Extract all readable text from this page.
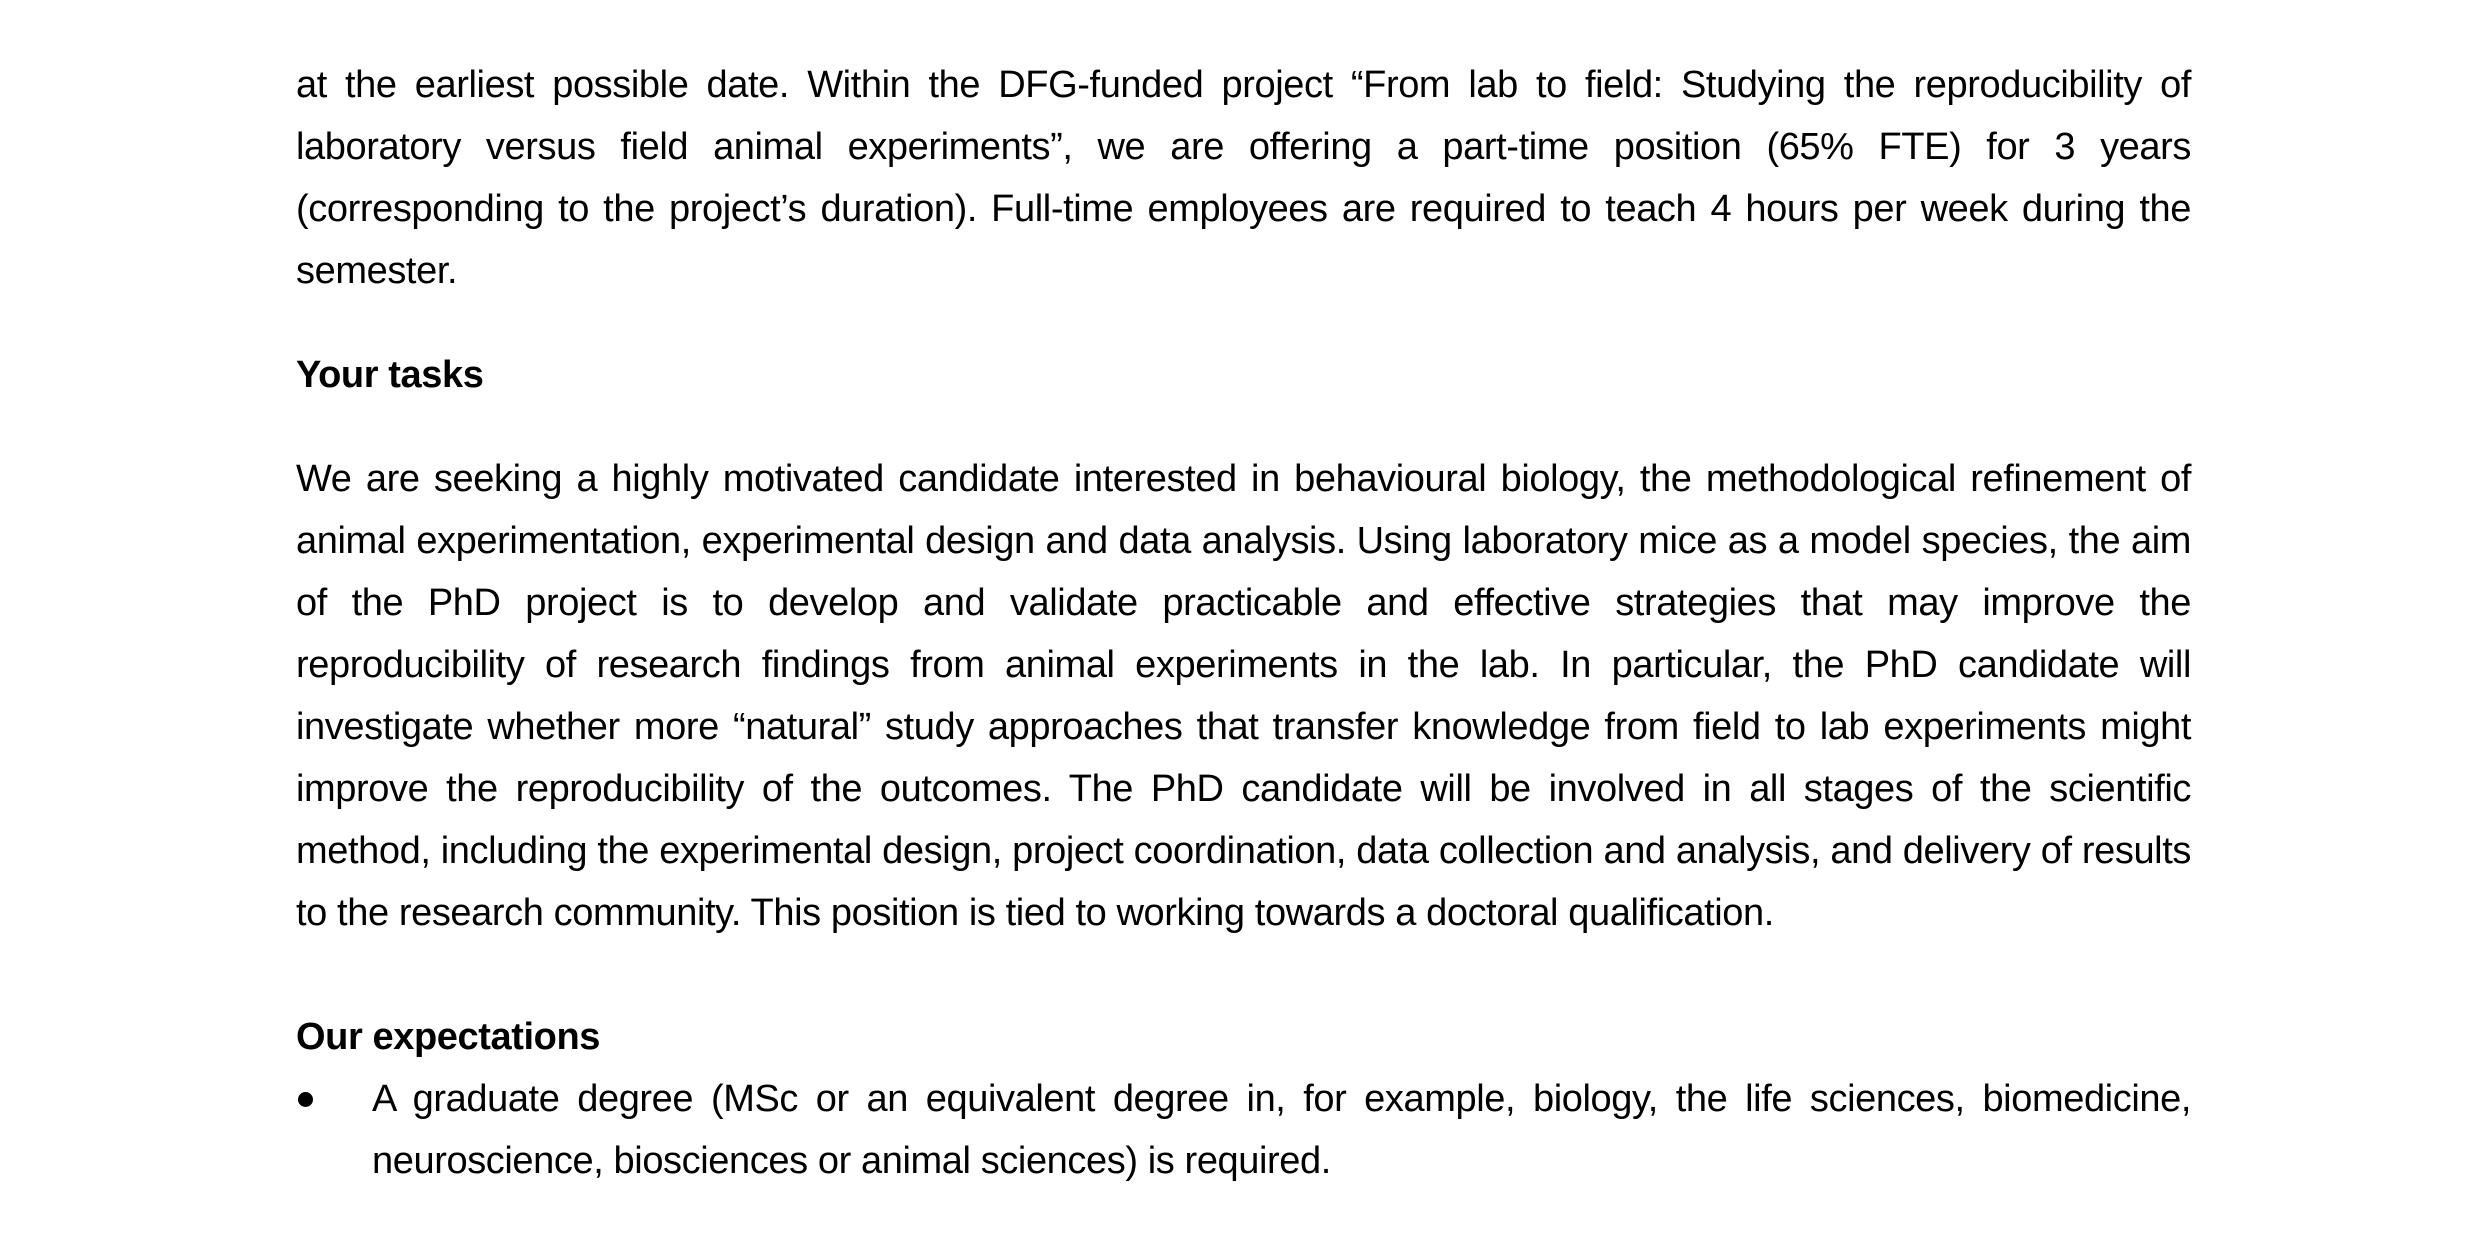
at the earliest possible date. Within the DFG-funded project “From lab to field: Studying the reproducibility of laboratory versus field animal experiments”, we are offering a part-time position (65% FTE) for 3 years (corresponding to the project’s duration). Full-time employees are required to teach 4 hours per week during the semester.

Your tasks

We are seeking a highly motivated candidate interested in behavioural biology, the methodological refinement of animal experimentation, experimental design and data analysis. Using laboratory mice as a model species, the aim of the PhD project is to develop and validate practicable and effective strategies that may improve the reproducibility of research findings from animal experiments in the lab. In particular, the PhD candidate will investigate whether more “natural” study approaches that transfer knowledge from field to lab experiments might improve the reproducibility of the outcomes. The PhD candidate will be involved in all stages of the scientific method, including the experimental design, project coordination, data collection and analysis, and delivery of results to the research community. This position is tied to working towards a doctoral qualification.

Our expectations

A graduate degree (MSc or an equivalent degree in, for example, biology, the life sciences, biomedicine, neuroscience, biosciences or animal sciences) is required.
